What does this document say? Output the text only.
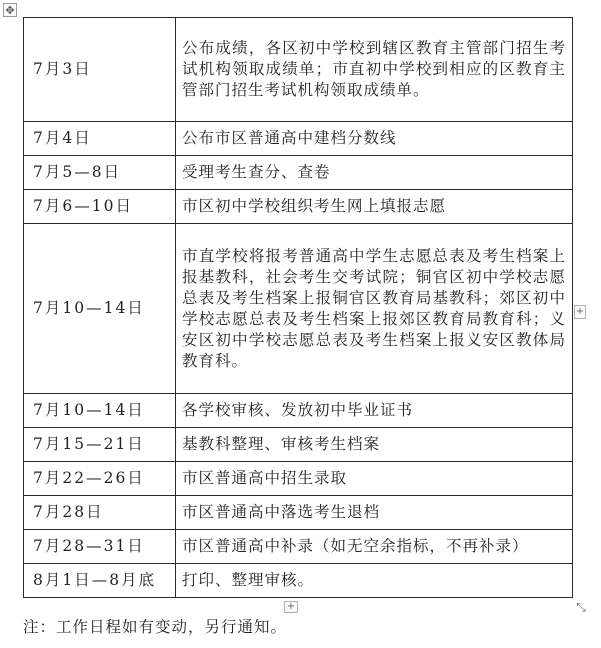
✥
7月3日	公布成绩，各区初中学校到辖区教育主管部门招生考试机构领取成绩单；市直初中学校到相应的区教育主管部门招生考试机构领取成绩单。
7月4日	公布市区普通高中建档分数线
7月5—8日	受理考生查分、查卷
7月6—10日	市区初中学校组织考生网上填报志愿
7月10—14日	市直学校将报考普通高中学生志愿总表及考生档案上报基教科，社会考生交考试院；铜官区初中学校志愿总表及考生档案上报铜官区教育局基教科；郊区初中学校志愿总表及考生档案上报郊区教育局教育科；义安区初中学校志愿总表及考生档案上报义安区教体局教育科。
7月10—14日	各学校审核、发放初中毕业证书
7月15—21日	基教科整理、审核考生档案
7月22—26日	市区普通高中招生录取
7月28日	市区普通高中落选考生退档
7月28—31日	市区普通高中补录（如无空余指标，不再补录）
8月1日—8月底	打印、整理审核。
+
+	⤡
注：工作日程如有变动，另行通知。
